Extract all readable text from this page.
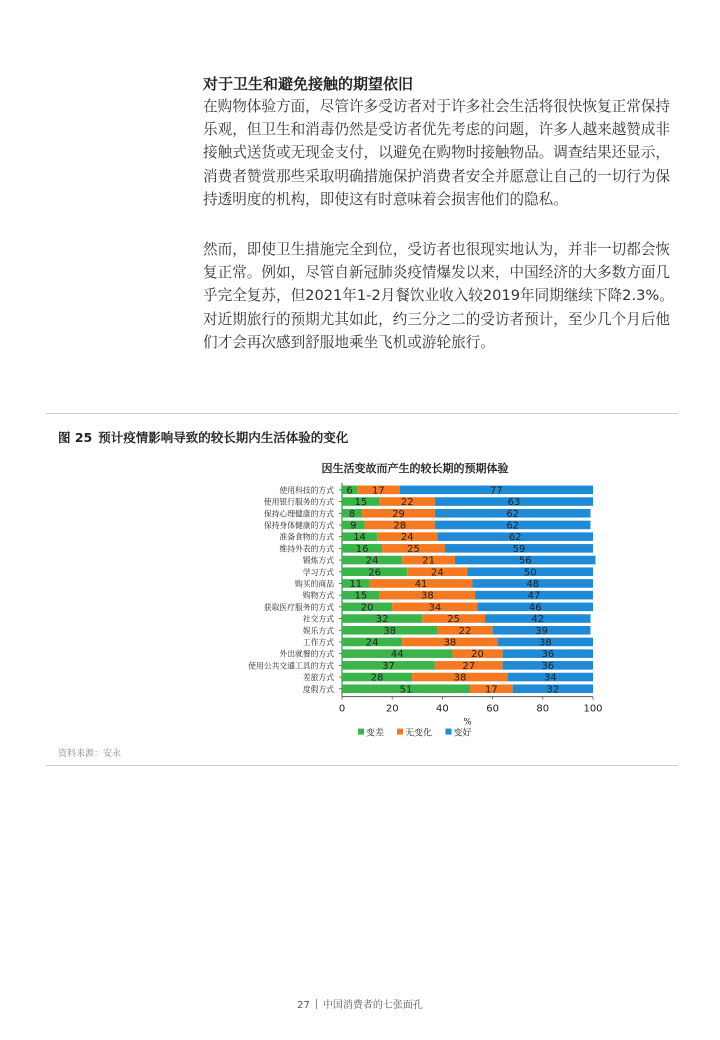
对于卫生和避免接触的期望依旧

在购物体验方面，尽管许多受访者对于许多社会生活将很快恢复正常保持乐观，但卫生和消毒仍然是受访者优先考虑的问题，许多人越来越赞成非接触式送货或无现金支付，以避免在购物时接触物品。调查结果还显示，消费者赞赏那些采取明确措施保护消费者安全并愿意让自己的一切行为保持透明度的机构，即使这有时意味着会损害他们的隐私。

然而，即使卫生措施完全到位，受访者也很现实地认为，并非一切都会恢复正常。例如，尽管自新冠肺炎疫情爆发以来，中国经济的大多数方面几乎完全复苏，但2021年1-2月餐饮业收入较2019年同期继续下降2.3%。对近期旅行的预期尤其如此，约三分之二的受访者预计，至少几个月后他们才会再次感到舒服地乘坐飞机或游轮旅行。

图 25 预计疫情影响导致的较长期内生活体验的变化

因生活变故而产生的较长期的预期体验
使用科技的方式 6 17	77
使用银行服务的方式 15	22	63
保持心理健康的方式 8	29	62
保持身体健康的方式 9	28	62
准备食物的方式 14	24	62
维持外表的方式 16	25	59
锻炼方式	24	21	56
学习方式	26	24	50
购买的商品 11	41	48
购物方式 15	38	47
获取医疗服务的方式	20	34	46
社交方式	32	25	42
娱乐方式	38	22	39
工作方式	24	38	38
外出就餐的方式	44	20	36
使用公共交通工具的方式	37	27	36
差旅方式	28	38	34
度假方式	51	17	32
0	20	40	60	80	100
%
变差 无变化 变好

资料来源：安永

27 中国消费者的七张面孔
